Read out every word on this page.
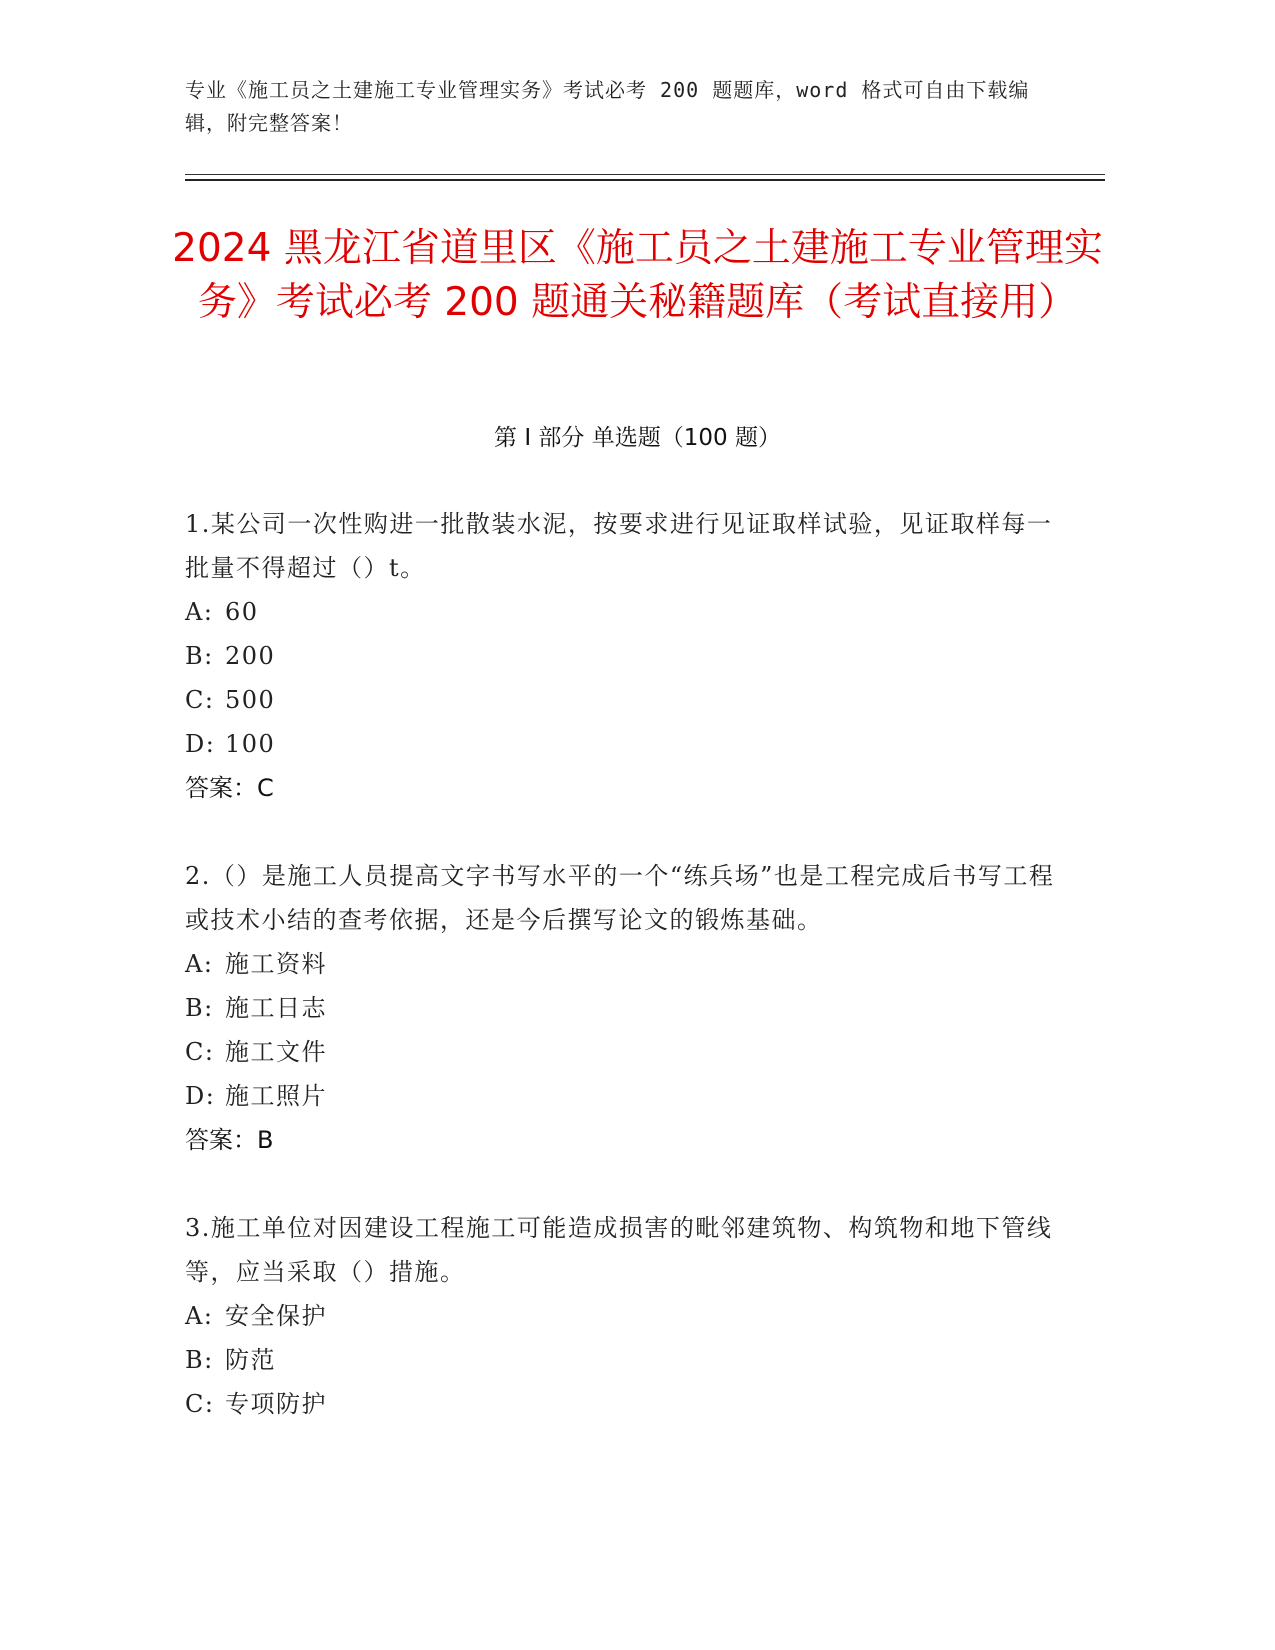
专业《施工员之土建施工专业管理实务》考试必考 200 题题库，word 格式可自由下载编辑，附完整答案！
2024 黑龙江省道里区《施工员之土建施工专业管理实务》考试必考 200 题通关秘籍题库（考试直接用）
第 I 部分 单选题（100 题）
1.某公司一次性购进一批散装水泥，按要求进行见证取样试验，见证取样每一批量不得超过（）t。
A: 60
B: 200
C: 500
D: 100
答案：C
2.（）是施工人员提高文字书写水平的一个“练兵场”也是工程完成后书写工程或技术小结的查考依据，还是今后撰写论文的锻炼基础。
A: 施工资料
B: 施工日志
C: 施工文件
D: 施工照片
答案：B
3.施工单位对因建设工程施工可能造成损害的毗邻建筑物、构筑物和地下管线等，应当采取（）措施。
A: 安全保护
B: 防范
C: 专项防护
